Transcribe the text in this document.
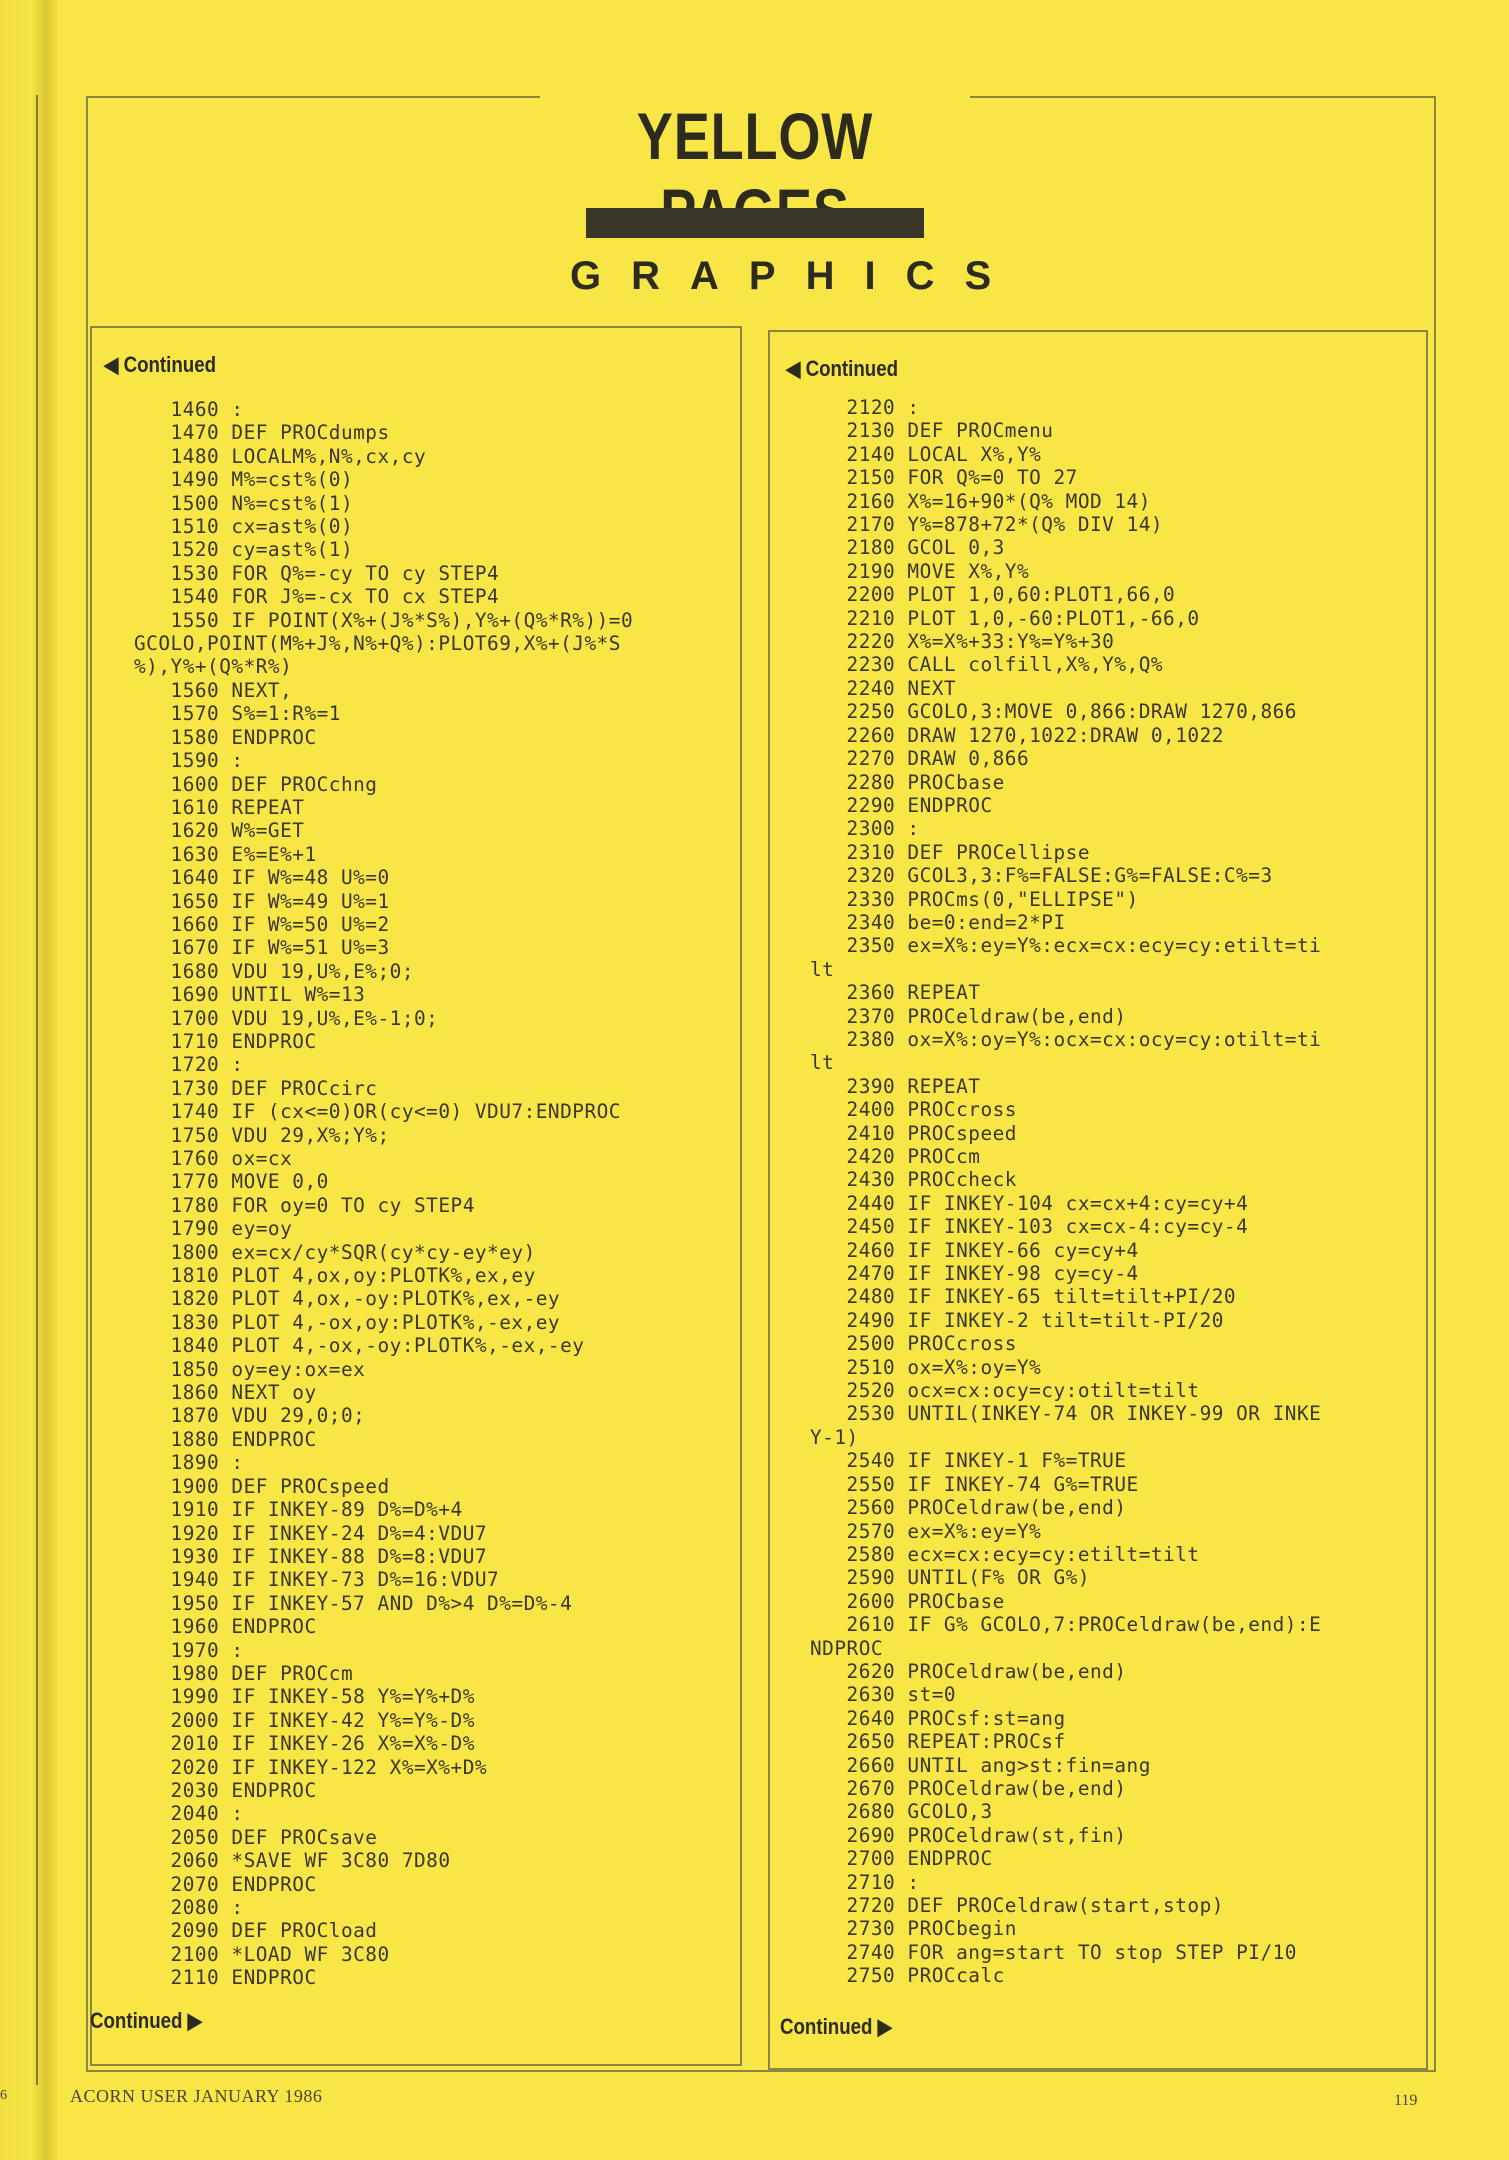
YELLOW
GRAPHICS
◀ Continued
1460 :
1470 DEF PROCdumps
1480 LOCALM%,N%,cx,cy
1490 M%=cst%(0)
1500 N%=cst%(1)
1510 cx=ast%(0)
1520 cy=ast%(1)
1530 FOR Q%=-cy TO cy STEP4
1540 FOR J%=-cx TO cx STEP4
1550 IF POINT(X%+(J%*S%),Y%+(Q%*R%))=0
GCOLO,POINT(M%+J%,N%+Q%):PLOT69,X%+(J%*S
%),Y%+(Q%*R%)
1560 NEXT,
1570 S%=1:R%=1
1580 ENDPROC
1590 :
1600 DEF PROCchng
1610 REPEAT
1620 W%=GET
1630 E%=E%+1
1640 IF W%=48 U%=0
1650 IF W%=49 U%=1
1660 IF W%=50 U%=2
1670 IF W%=51 U%=3
1680 VDU 19,U%,E%;0;
1690 UNTIL W%=13
1700 VDU 19,U%,E%-1;0;
1710 ENDPROC
1720 :
1730 DEF PROCcirc
1740 IF (cx<=0)OR(cy<=0) VDU7:ENDPROC
1750 VDU 29,X%;Y%;
1760 ox=cx
1770 MOVE 0,0
1780 FOR oy=0 TO cy STEP4
1790 ey=oy
1800 ex=cx/cy*SQR(cy*cy-ey*ey)
1810 PLOT 4,ox,oy:PLOTK%,ex,ey
1820 PLOT 4,ox,-oy:PLOTK%,ex,-ey
1830 PLOT 4,-ox,oy:PLOTK%,-ex,ey
1840 PLOT 4,-ox,-oy:PLOTK%,-ex,-ey
1850 oy=ey:ox=ex
1860 NEXT oy
1870 VDU 29,0;0;
1880 ENDPROC
1890 :
1900 DEF PROCspeed
1910 IF INKEY-89 D%=D%+4
1920 IF INKEY-24 D%=4:VDU7
1930 IF INKEY-88 D%=8:VDU7
1940 IF INKEY-73 D%=16:VDU7
1950 IF INKEY-57 AND D%>4 D%=D%-4
1960 ENDPROC
1970 :
1980 DEF PROCcm
1990 IF INKEY-58 Y%=Y%+D%
2000 IF INKEY-42 Y%=Y%-D%
2010 IF INKEY-26 X%=X%-D%
2020 IF INKEY-122 X%=X%+D%
2030 ENDPROC
2040 :
2050 DEF PROCsave
2060 *SAVE WF 3C80 7D80
2070 ENDPROC
2080 :
2090 DEF PROCload
2100 *LOAD WF 3C80
2110 ENDPROC
Continued ▶
◀ Continued
2120 :
2130 DEF PROCmenu
2140 LOCAL X%,Y%
2150 FOR Q%=0 TO 27
2160 X%=16+90*(Q% MOD 14)
2170 Y%=878+72*(Q% DIV 14)
2180 GCOL 0,3
2190 MOVE X%,Y%
2200 PLOT 1,0,60:PLOT1,66,0
2210 PLOT 1,0,-60:PLOT1,-66,0
2220 X%=X%+33:Y%=Y%+30
2230 CALL colfill,X%,Y%,Q%
2240 NEXT
2250 GCOLO,3:MOVE 0,866:DRAW 1270,866
2260 DRAW 1270,1022:DRAW 0,1022
2270 DRAW 0,866
2280 PROCbase
2290 ENDPROC
2300 :
2310 DEF PROCellipse
2320 GCOL3,3:F%=FALSE:G%=FALSE:C%=3
2330 PROCms(0,"ELLIPSE")
2340 be=0:end=2*PI
2350 ex=X%:ey=Y%:ecx=cx:ecy=cy:etilt=ti
lt
2360 REPEAT
2370 PROCeldraw(be,end)
2380 ox=X%:oy=Y%:ocx=cx:ocy=cy:otilt=ti
lt
2390 REPEAT
2400 PROCcross
2410 PROCspeed
2420 PROCcm
2430 PROCcheck
2440 IF INKEY-104 cx=cx+4:cy=cy+4
2450 IF INKEY-103 cx=cx-4:cy=cy-4
2460 IF INKEY-66 cy=cy+4
2470 IF INKEY-98 cy=cy-4
2480 IF INKEY-65 tilt=tilt+PI/20
2490 IF INKEY-2 tilt=tilt-PI/20
2500 PROCcross
2510 ox=X%:oy=Y%
2520 ocx=cx:ocy=cy:otilt=tilt
2530 UNTIL(INKEY-74 OR INKEY-99 OR INKE
Y-1)
2540 IF INKEY-1 F%=TRUE
2550 IF INKEY-74 G%=TRUE
2560 PROCeldraw(be,end)
2570 ex=X%:ey=Y%
2580 ecx=cx:ecy=cy:etilt=tilt
2590 UNTIL(F% OR G%)
2600 PROCbase
2610 IF G% GCOLO,7:PROCeldraw(be,end):E
NDPROC
2620 PROCeldraw(be,end)
2630 st=0
2640 PROCsf:st=ang
2650 REPEAT:PROCsf
2660 UNTIL ang>st:fin=ang
2670 PROCeldraw(be,end)
2680 GCOLO,3
2690 PROCeldraw(st,fin)
2700 ENDPROC
2710 :
2720 DEF PROCeldraw(start,stop)
2730 PROCbegin
2740 FOR ang=start TO stop STEP PI/10
2750 PROCcalc
Continued ▶
6	ACORN USER JANUARY 1986	119
